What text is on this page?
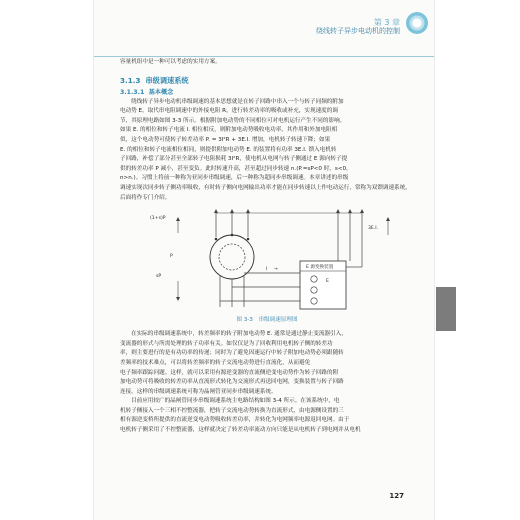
第 3 章
绕线转子异步电动机的控制
容量机组中是一种可以考虑的实用方案。
3.1.3 串级调速系统
3.1.3.1 基本概念
绕线转子异步电动机串级调速的基本思想就是在转子回路中串入一个与转子同频的附加
电动势 E。取代串电阻调速中的外接电阻 R，进行转差功率的吸收或补充，实现速度的调
节，其原理电路如图 3-3 所示。根据附加电动势的不同相位可对电机运行产生不同的影响。
如果 E. 的相位和转子电流 I. 相位相反，则附加电动势吸收电功率，其作用和外加电阻相
似，这个电动势可使转子转差功率 P. = 3I²R + 3E.I. 增加，电机转子转速下降；如果
E. 的相位和转子电流相位相同，则提供附加电动势 E. 的装置将有功率 3E.I. 馈入电机转
子回路，补偿了部分甚至全部转子电阻损耗 3I²R，使电机从电网与转子侧通过 E 源向转子提
供的转差功率 P 减小，甚至变负。此时转速升高，甚至超过同步转速 n.(P.=sP<0 时，s<0，
n>n.)。习惯上将前一种称为亚同步串级调速，后一种称为超同步串级调速。本章讲述的串级
调速实现次同步转子侧功率吸收，有时转子侧向电网输出功率才能在同步转速以上作电动运行，常称为双馈调速系统，
后面将作专门介绍。
(1+s)P
P
sP
I →	E 源变换装置
E
3E.I.
图 3-3　串级调速原理图
在实际的串级调速系统中，转差频率的转子附加电动势 E. 通常是通过静止变流器引入，
变流器的形式与所需处理的转子功率有关。如仅仅是为了回收利用电机转子侧的转差功
率，则主要进行的是有功功率的传递；同时为了避免因速运行中转子附加电动势必须跟随转
差频率的技术难点，可以将转差频率的转子交流电动势进行直流化，从而避免
电子频率跟踪问题。这样，就可以采用有源逆变器的直流侧逆变电动势作为转子回路的附
加电动势可将吸收的转差功率从直流形式转化为交流形式再送回电网，变换装置与转子回路
连接。这样的串级调速系统可称为晶闸管亚同步串级调速系统。
目前应用较广的晶闸管同步串级调速系统主电路结构如图 3-4 所示。在该系统中，电
机转子侧接入一个三相不控整流器，把转子交流电动势转换为直流形式，由电源侧设置的三
相有源逆变桥所提供的直流逆变电动势吸收转差功率，并转化为电网频率电源返回电网。由于
电机转子侧采用了不控整流器，这样就决定了转差功率流动方向只能是从电机转子到电网并从电机
127
